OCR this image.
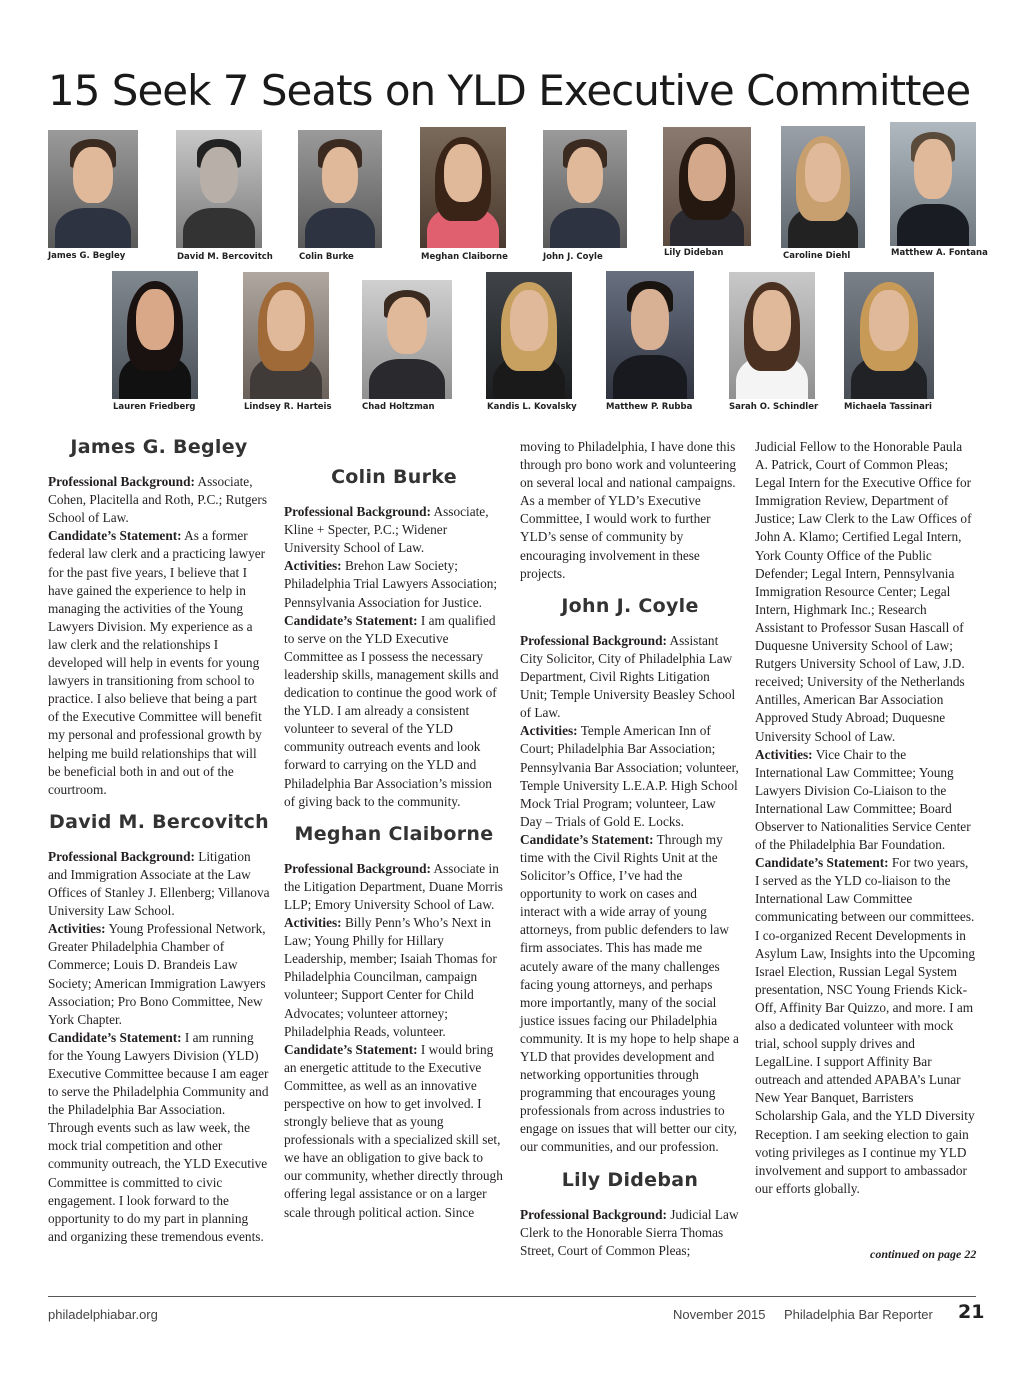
15 Seek 7 Seats on YLD Executive Committee
James G. Begley	David M. Bercovitch	Colin Burke	Meghan Claiborne	John J. Coyle	Lily Dideban	Caroline Diehl	Matthew A. Fontana
Lauren Friedberg	Lindsey R. Harteis	Chad Holtzman	Kandis L. Kovalsky	Matthew P. Rubba	Sarah O. Schindler	Michaela Tassinari
James G. Begley

Professional Background: Associate, Cohen, Placitella and Roth, P.C.; Rutgers School of Law.

Candidate’s Statement: As a former federal law clerk and a practicing lawyer for the past five years, I believe that I have gained the experience to help in managing the activities of the Young Lawyers Division. My experience as a law clerk and the relationships I developed will help in events for young lawyers in transitioning from school to practice. I also believe that being a part of the Executive Committee will benefit my personal and professional growth by helping me build relationships that will be beneficial both in and out of the courtroom.

David M. Bercovitch

Professional Background: Litigation and Immigration Associate at the Law Offices of Stanley J. Ellenberg; Villanova University Law School.

Activities: Young Professional Network, Greater Philadelphia Chamber of Commerce; Louis D. Brandeis Law Society; American Immigration Lawyers Association; Pro Bono Committee, New York Chapter.

Candidate’s Statement: I am running for the Young Lawyers Division (YLD) Executive Committee because I am eager to serve the Philadelphia Community and the Philadelphia Bar Association. Through events such as law week, the mock trial competition and other community outreach, the YLD Executive Committee is committed to civic engagement. I look forward to the opportunity to do my part in planning and organizing these tremendous events.

Colin Burke

Professional Background: Associate, Kline + Specter, P.C.; Widener University School of Law.

Activities: Brehon Law Society; Philadelphia Trial Lawyers Association; Pennsylvania Association for Justice.

Candidate’s Statement: I am qualified to serve on the YLD Executive Committee as I possess the necessary leadership skills, management skills and dedication to continue the good work of the YLD. I am already a consistent volunteer to several of the YLD community outreach events and look forward to carrying on the YLD and Philadelphia Bar Association’s mission of giving back to the community.

Meghan Claiborne

Professional Background: Associate in the Litigation Department, Duane Morris LLP; Emory University School of Law.

Activities: Billy Penn’s Who’s Next in Law; Young Philly for Hillary Leadership, member; Isaiah Thomas for Philadelphia Councilman, campaign volunteer; Support Center for Child Advocates; volunteer attorney; Philadelphia Reads, volunteer.

Candidate’s Statement: I would bring an energetic attitude to the Executive Committee, as well as an innovative perspective on how to get involved. I strongly believe that as young professionals with a specialized skill set, we have an obligation to give back to our community, whether directly through offering legal assistance or on a larger scale through political action. Since

moving to Philadelphia, I have done this through pro bono work and volunteering on several local and national campaigns. As a member of YLD’s Executive Committee, I would work to further YLD’s sense of community by encouraging involvement in these projects.

John J. Coyle

Professional Background: Assistant City Solicitor, City of Philadelphia Law Department, Civil Rights Litigation Unit; Temple University Beasley School of Law.

Activities: Temple American Inn of Court; Philadelphia Bar Association; Pennsylvania Bar Association; volunteer, Temple University L.E.A.P. High School Mock Trial Program; volunteer, Law Day – Trials of Gold E. Locks.

Candidate’s Statement: Through my time with the Civil Rights Unit at the Solicitor’s Office, I’ve had the opportunity to work on cases and interact with a wide array of young attorneys, from public defenders to law firm associates. This has made me acutely aware of the many challenges facing young attorneys, and perhaps more importantly, many of the social justice issues facing our Philadelphia community. It is my hope to help shape a YLD that provides development and networking opportunities through programming that encourages young professionals from across industries to engage on issues that will better our city, our communities, and our profession.

Lily Dideban

Professional Background: Judicial Law Clerk to the Honorable Sierra Thomas Street, Court of Common Pleas;

Judicial Fellow to the Honorable Paula A. Patrick, Court of Common Pleas; Legal Intern for the Executive Office for Immigration Review, Department of Justice; Law Clerk to the Law Offices of John A. Klamo; Certified Legal Intern, York County Office of the Public Defender; Legal Intern, Pennsylvania Immigration Resource Center; Legal Intern, Highmark Inc.; Research Assistant to Professor Susan Hascall of Duquesne University School of Law; Rutgers University School of Law, J.D. received; University of the Netherlands Antilles, American Bar Association Approved Study Abroad; Duquesne University School of Law.

Activities: Vice Chair to the International Law Committee; Young Lawyers Division Co-Liaison to the International Law Committee; Board Observer to Nationalities Service Center of the Philadelphia Bar Foundation.

Candidate’s Statement: For two years, I served as the YLD co-liaison to the International Law Committee communicating between our committees. I co-organized Recent Developments in Asylum Law, Insights into the Upcoming Israel Election, Russian Legal System presentation, NSC Young Friends Kick-Off, Affinity Bar Quizzo, and more. I am also a dedicated volunteer with mock trial, school supply drives and LegalLine. I support Affinity Bar outreach and attended APABA’s Lunar New Year Banquet, Barristers Scholarship Gala, and the YLD Diversity Reception. I am seeking election to gain voting privileges as I continue my YLD involvement and support to ambassador our efforts globally.

continued on page 22
philadelphiabar.org	November 2015 Philadelphia Bar Reporter 21
